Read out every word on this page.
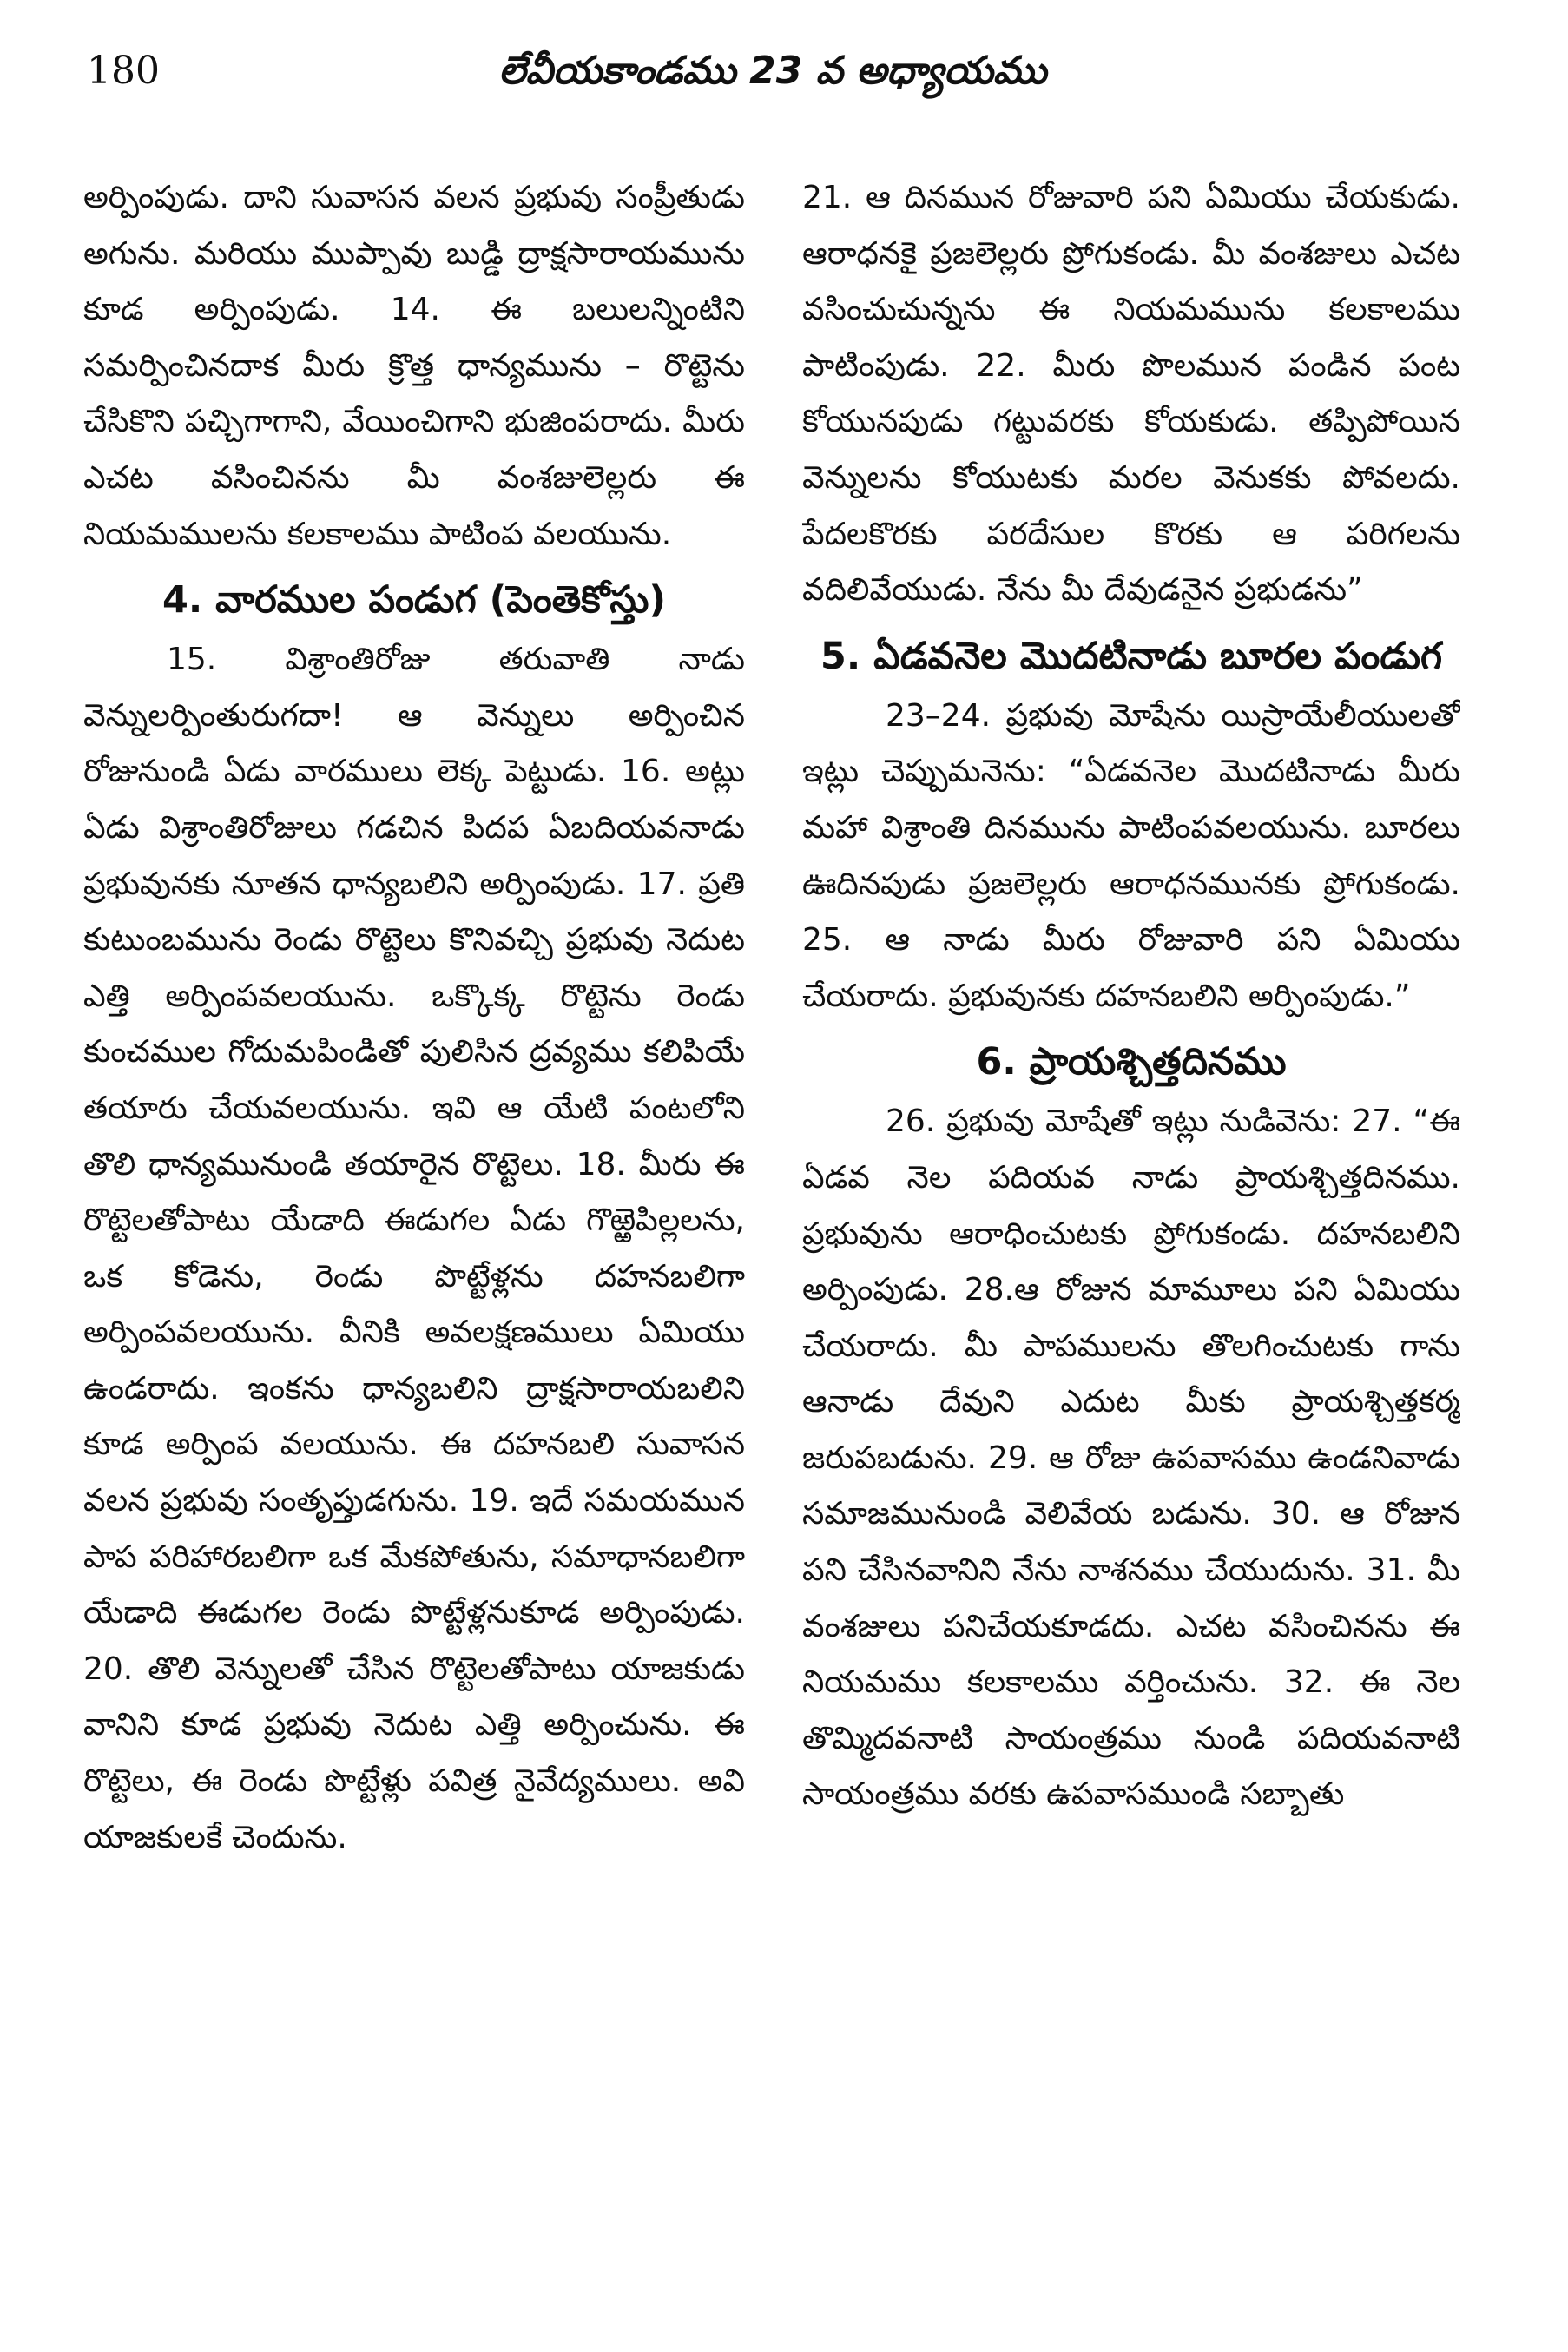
180	లేవీయకాండము 23 వ అధ్యాయము

అర్పింపుడు. దాని సువాసన వలన ప్రభువు సంప్రీతుడు అగును. మరియు ముప్పావు బుడ్డి ద్రాక్షసారాయమును కూడ అర్పింపుడు. 14. ఈ బలులన్నింటిని సమర్పించినదాక మీరు క్రొత్త ధాన్యమును – రొట్టెను చేసికొని పచ్చిగాగాని, వేయించిగాని భుజింపరాదు. మీరు ఎచట వసించినను మీ వంశజులెల్లరు ఈ నియమములను కలకాలము పాటింప వలయును.

4. వారముల పండుగ (పెంతెకోస్తు)

15. విశ్రాంతిరోజు తరువాతి నాడు వెన్నులర్పింతురుగదా! ఆ వెన్నులు అర్పించిన రోజునుండి ఏడు వారములు లెక్క పెట్టుడు. 16. అట్లు ఏడు విశ్రాంతిరోజులు గడచిన పిదప ఏబదియవనాడు ప్రభువునకు నూతన ధాన్యబలిని అర్పింపుడు. 17. ప్రతి కుటుంబమును రెండు రొట్టెలు కొనివచ్చి ప్రభువు నెదుట ఎత్తి అర్పింపవలయును. ఒక్కొక్క రొట్టెను రెండు కుంచముల గోదుమపిండితో పులిసిన ద్రవ్యము కలిపియే తయారు చేయవలయును. ఇవి ఆ యేటి పంటలోని తొలి ధాన్యమునుండి తయారైన రొట్టెలు. 18. మీరు ఈ రొట్టెలతోపాటు యేడాది ఈడుగల ఏడు గొఱ్ఱెపిల్లలను, ఒక కోడెను, రెండు పొట్టేళ్లను దహనబలిగా అర్పింపవలయును. వీనికి అవలక్షణములు ఏమియు ఉండరాదు. ఇంకను ధాన్యబలిని ద్రాక్షసారాయబలిని కూడ అర్పింప వలయును. ఈ దహనబలి సువాసన వలన ప్రభువు సంతృప్తుడగును. 19. ఇదే సమయమున పాప పరిహారబలిగా ఒక మేకపోతును, సమాధానబలిగా యేడాది ఈడుగల రెండు పొట్టేళ్లనుకూడ అర్పింపుడు. 20. తొలి వెన్నులతో చేసిన రొట్టెలతోపాటు యాజకుడు వానిని కూడ ప్రభువు నెదుట ఎత్తి అర్పించును. ఈ రొట్టెలు, ఈ రెండు పొట్టేళ్లు పవిత్ర నైవేద్యములు. అవి యాజకులకే చెందును.

21. ఆ దినమున రోజువారి పని ఏమియు చేయకుడు. ఆరాధనకై ప్రజలెల్లరు ప్రోగుకండు. మీ వంశజులు ఎచట వసించుచున్నను ఈ నియమమును కలకాలము పాటింపుడు. 22. మీరు పొలమున పండిన పంట కోయునపుడు గట్టువరకు కోయకుడు. తప్పిపోయిన వెన్నులను కోయుటకు మరల వెనుకకు పోవలదు. పేదలకొరకు పరదేసుల కొరకు ఆ పరిగలను వదిలివేయుడు. నేను మీ దేవుడనైన ప్రభుడను”

5. ఏడవనెల మొదటినాడు బూరల పండుగ

23–24. ప్రభువు మోషేను యిస్రాయేలీయులతో ఇట్లు చెప్పుమనెను: “ఏడవనెల మొదటినాడు మీరు మహా విశ్రాంతి దినమును పాటింపవలయును. బూరలు ఊదినపుడు ప్రజలెల్లరు ఆరాధనమునకు ప్రోగుకండు. 25. ఆ నాడు మీరు రోజువారి పని ఏమియు చేయరాదు. ప్రభువునకు దహనబలిని అర్పింపుడు.”

6. ప్రాయశ్చిత్తదినము

26. ప్రభువు మోషేతో ఇట్లు నుడివెను: 27. “ఈ ఏడవ నెల పదియవ నాడు ప్రాయశ్చిత్తదినము. ప్రభువును ఆరాధించుటకు ప్రోగుకండు. దహనబలిని అర్పింపుడు. 28.ఆ రోజున మామూలు పని ఏమియు చేయరాదు. మీ పాపములను తొలగించుటకు గాను ఆనాడు దేవుని ఎదుట మీకు ప్రాయశ్చిత్తకర్మ జరుపబడును. 29. ఆ రోజు ఉపవాసము ఉండనివాడు సమాజమునుండి వెలివేయ బడును. 30. ఆ రోజున పని చేసినవానిని నేను నాశనము చేయుదును. 31. మీ వంశజులు పనిచేయకూడదు. ఎచట వసించినను ఈ నియమము కలకాలము వర్తించును. 32. ఈ నెల తొమ్మిదవనాటి సాయంత్రము నుండి పదియవనాటి సాయంత్రము వరకు ఉపవాసముండి సబ్బాతు
